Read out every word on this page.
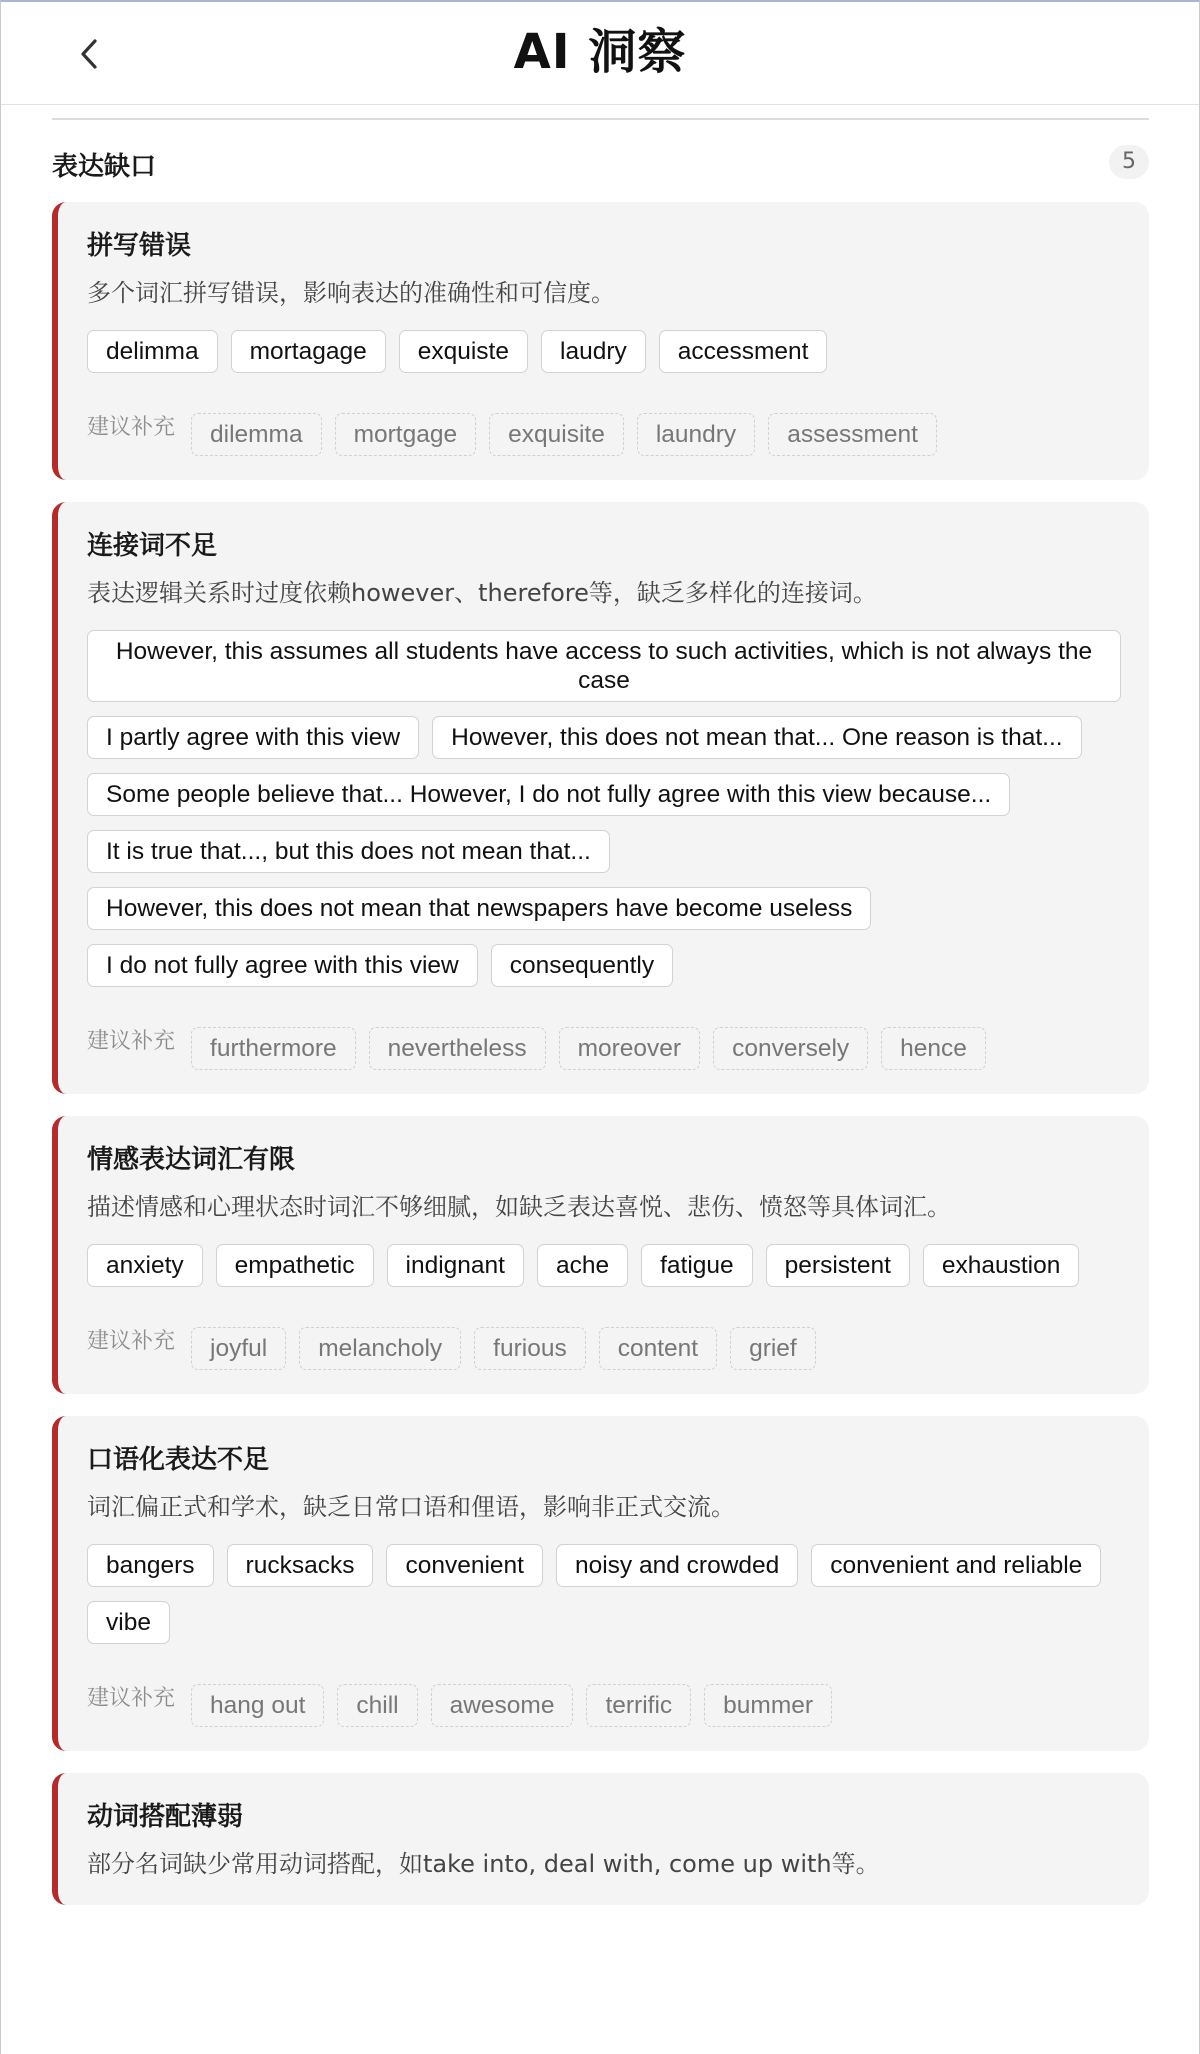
AI 洞察
表达缺口	5
拼写错误
多个词汇拼写错误，影响表达的准确性和可信度。
delimma	mortagage	exquiste	laudry	accessment
建议补充	dilemma	mortgage	exquisite	laundry	assessment
连接词不足
表达逻辑关系时过度依赖however、therefore等，缺乏多样化的连接词。
However, this assumes all students have access to such activities, which is not always the case
I partly agree with this view	However, this does not mean that... One reason is that...
Some people believe that... However, I do not fully agree with this view because...
It is true that..., but this does not mean that...
However, this does not mean that newspapers have become useless
I do not fully agree with this view	consequently
建议补充	furthermore	nevertheless	moreover	conversely	hence
情感表达词汇有限
描述情感和心理状态时词汇不够细腻，如缺乏表达喜悦、悲伤、愤怒等具体词汇。
anxiety	empathetic	indignant	ache	fatigue	persistent	exhaustion
建议补充	joyful	melancholy	furious	content	grief
口语化表达不足
词汇偏正式和学术，缺乏日常口语和俚语，影响非正式交流。
bangers	rucksacks	convenient	noisy and crowded	convenient and reliable
vibe
建议补充	hang out	chill	awesome	terrific	bummer
动词搭配薄弱
部分名词缺少常用动词搭配，如take into, deal with, come up with等。
